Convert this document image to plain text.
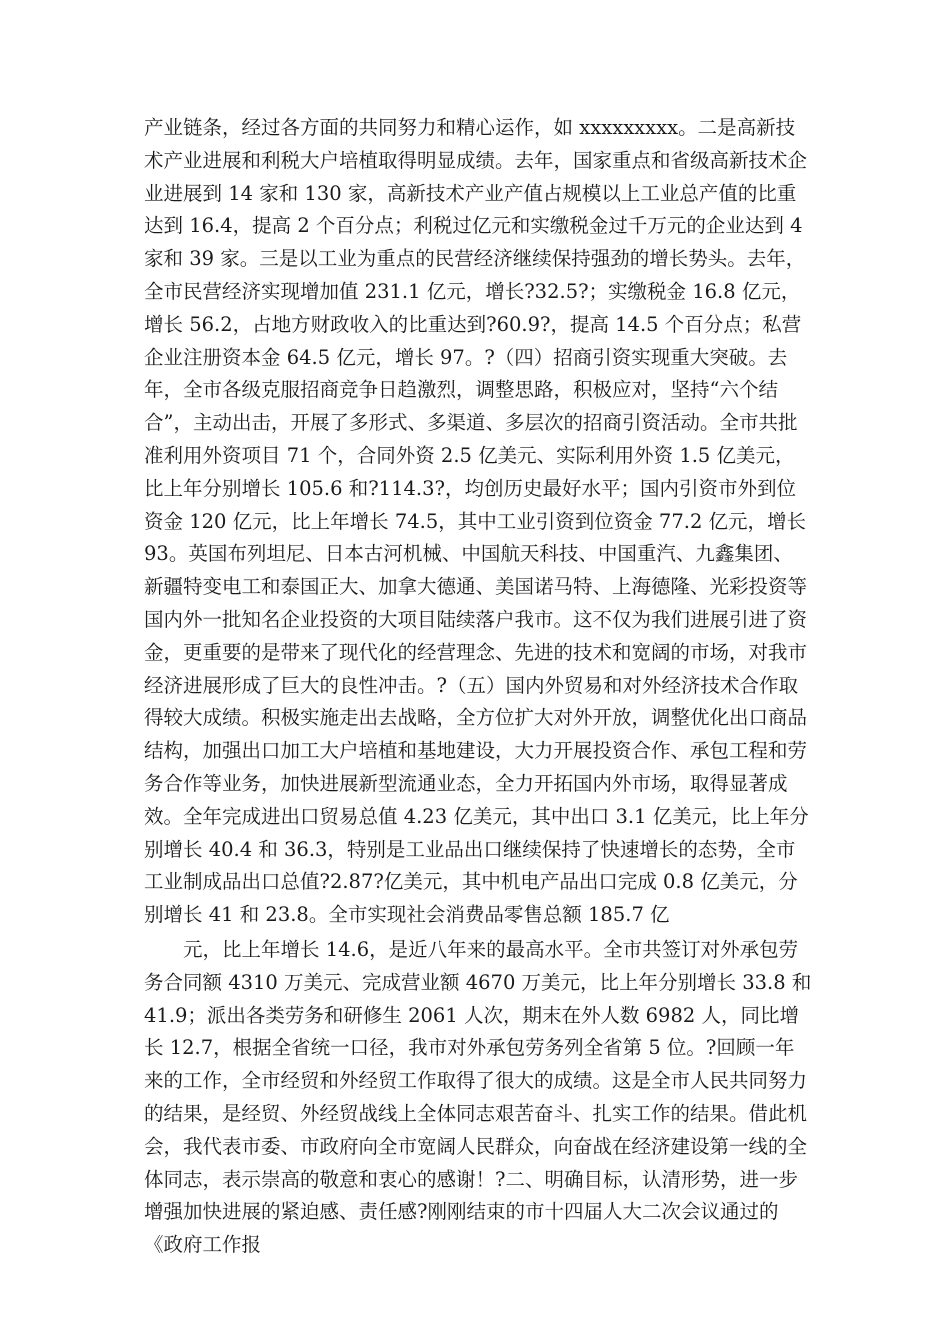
产业链条，经过各方面的共同努力和精心运作，如 xxxxxxxxx。二是高新技术产业进展和利税大户培植取得明显成绩。去年，国家重点和省级高新技术企业进展到 14 家和 130 家，高新技术产业产值占规模以上工业总产值的比重达到 16.4，提高 2 个百分点；利税过亿元和实缴税金过千万元的企业达到 4 家和 39 家。三是以工业为重点的民营经济继续保持强劲的增长势头。去年，全市民营经济实现增加值 231.1 亿元，增长?32.5?；实缴税金 16.8 亿元，增长 56.2，占地方财政收入的比重达到?60.9?，提高 14.5 个百分点；私营企业注册资本金 64.5 亿元，增长 97。?（四）招商引资实现重大突破。去年，全市各级克服招商竞争日趋激烈，调整思路，积极应对，坚持“六个结合”，主动出击，开展了多形式、多渠道、多层次的招商引资活动。全市共批准利用外资项目 71 个，合同外资 2.5 亿美元、实际利用外资 1.5 亿美元，比上年分别增长 105.6 和?114.3?，均创历史最好水平；国内引资市外到位资金 120 亿元，比上年增长 74.5，其中工业引资到位资金 77.2 亿元，增长 93。英国布列坦尼、日本古河机械、中国航天科技、中国重汽、九鑫集团、新疆特变电工和泰国正大、加拿大德通、美国诺马特、上海德隆、光彩投资等国内外一批知名企业投资的大项目陆续落户我市。这不仅为我们进展引进了资金，更重要的是带来了现代化的经营理念、先进的技术和宽阔的市场，对我市经济进展形成了巨大的良性冲击。?（五）国内外贸易和对外经济技术合作取得较大成绩。积极实施走出去战略，全方位扩大对外开放，调整优化出口商品结构，加强出口加工大户培植和基地建设，大力开展投资合作、承包工程和劳务合作等业务，加快进展新型流通业态，全力开拓国内外市场，取得显著成效。全年完成进出口贸易总值 4.23 亿美元，其中出口 3.1 亿美元，比上年分别增长 40.4 和 36.3，特别是工业品出口继续保持了快速增长的态势，全市工业制成品出口总值?2.87?亿美元，其中机电产品出口完成 0.8 亿美元，分别增长 41 和 23.8。全市实现社会消费品零售总额 185.7 亿

元，比上年增长 14.6，是近八年来的最高水平。全市共签订对外承包劳务合同额 4310 万美元、完成营业额 4670 万美元，比上年分别增长 33.8 和 41.9；派出各类劳务和研修生 2061 人次，期末在外人数 6982 人，同比增长 12.7，根据全省统一口径，我市对外承包劳务列全省第 5 位。?回顾一年来的工作，全市经贸和外经贸工作取得了很大的成绩。这是全市人民共同努力的结果，是经贸、外经贸战线上全体同志艰苦奋斗、扎实工作的结果。借此机会，我代表市委、市政府向全市宽阔人民群众，向奋战在经济建设第一线的全体同志，表示崇高的敬意和衷心的感谢！?二、明确目标，认清形势，进一步增强加快进展的紧迫感、责任感?刚刚结束的市十四届人大二次会议通过的《政府工作报
